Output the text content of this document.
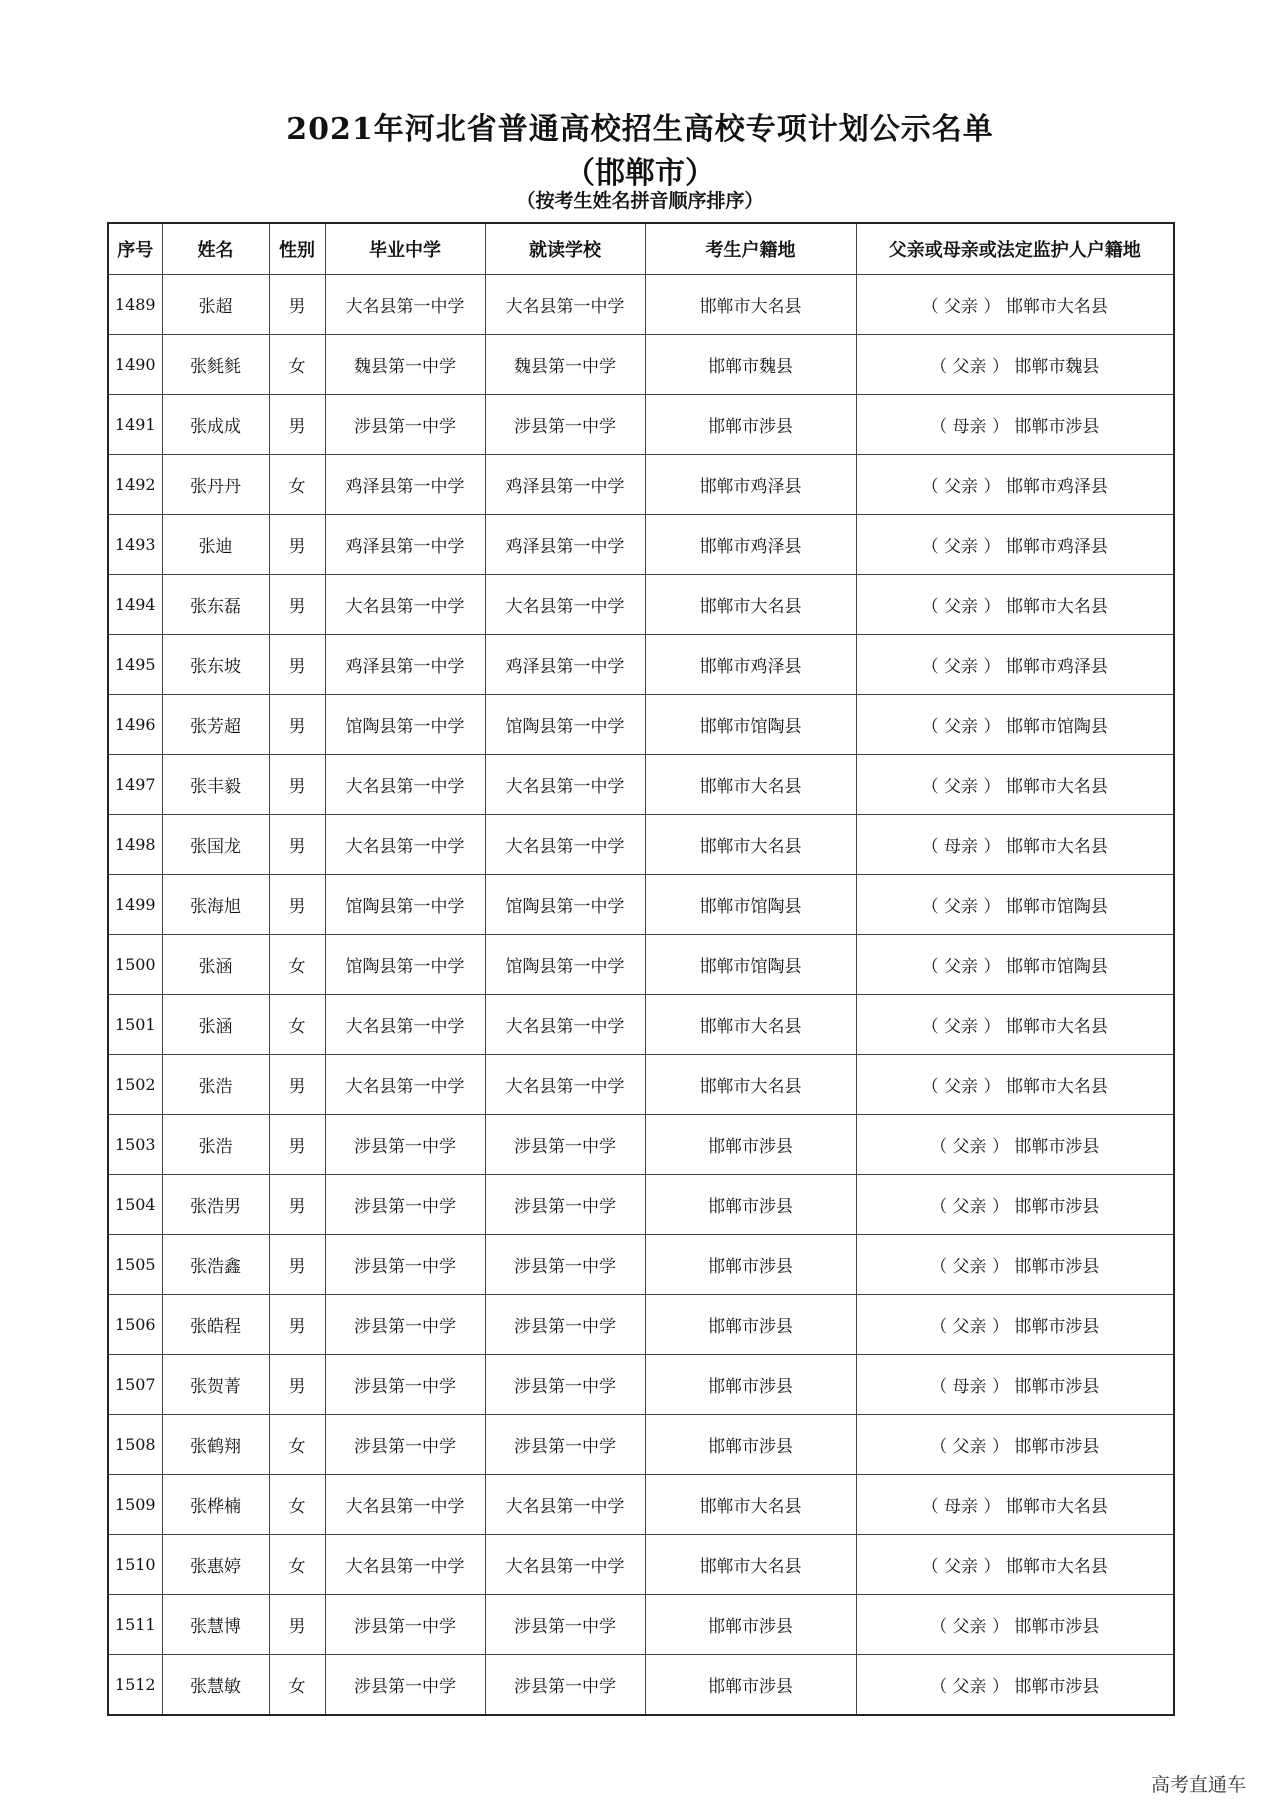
2021年河北省普通高校招生高校专项计划公示名单
（邯郸市）
（按考生姓名拼音顺序排序）
序号	姓名	性别	毕业中学	就读学校	考生户籍地	父亲或母亲或法定监护人户籍地
1489	张超	男	大名县第一中学	大名县第一中学	邯郸市大名县	（ 父亲 ） 邯郸市大名县
1490	张毵毵	女	魏县第一中学	魏县第一中学	邯郸市魏县	（ 父亲 ） 邯郸市魏县
1491	张成成	男	涉县第一中学	涉县第一中学	邯郸市涉县	（ 母亲 ） 邯郸市涉县
1492	张丹丹	女	鸡泽县第一中学	鸡泽县第一中学	邯郸市鸡泽县	（ 父亲 ） 邯郸市鸡泽县
1493	张迪	男	鸡泽县第一中学	鸡泽县第一中学	邯郸市鸡泽县	（ 父亲 ） 邯郸市鸡泽县
1494	张东磊	男	大名县第一中学	大名县第一中学	邯郸市大名县	（ 父亲 ） 邯郸市大名县
1495	张东坡	男	鸡泽县第一中学	鸡泽县第一中学	邯郸市鸡泽县	（ 父亲 ） 邯郸市鸡泽县
1496	张芳超	男	馆陶县第一中学	馆陶县第一中学	邯郸市馆陶县	（ 父亲 ） 邯郸市馆陶县
1497	张丰毅	男	大名县第一中学	大名县第一中学	邯郸市大名县	（ 父亲 ） 邯郸市大名县
1498	张国龙	男	大名县第一中学	大名县第一中学	邯郸市大名县	（ 母亲 ） 邯郸市大名县
1499	张海旭	男	馆陶县第一中学	馆陶县第一中学	邯郸市馆陶县	（ 父亲 ） 邯郸市馆陶县
1500	张涵	女	馆陶县第一中学	馆陶县第一中学	邯郸市馆陶县	（ 父亲 ） 邯郸市馆陶县
1501	张涵	女	大名县第一中学	大名县第一中学	邯郸市大名县	（ 父亲 ） 邯郸市大名县
1502	张浩	男	大名县第一中学	大名县第一中学	邯郸市大名县	（ 父亲 ） 邯郸市大名县
1503	张浩	男	涉县第一中学	涉县第一中学	邯郸市涉县	（ 父亲 ） 邯郸市涉县
1504	张浩男	男	涉县第一中学	涉县第一中学	邯郸市涉县	（ 父亲 ） 邯郸市涉县
1505	张浩鑫	男	涉县第一中学	涉县第一中学	邯郸市涉县	（ 父亲 ） 邯郸市涉县
1506	张皓程	男	涉县第一中学	涉县第一中学	邯郸市涉县	（ 父亲 ） 邯郸市涉县
1507	张贺菁	男	涉县第一中学	涉县第一中学	邯郸市涉县	（ 母亲 ） 邯郸市涉县
1508	张鹤翔	女	涉县第一中学	涉县第一中学	邯郸市涉县	（ 父亲 ） 邯郸市涉县
1509	张桦楠	女	大名县第一中学	大名县第一中学	邯郸市大名县	（ 母亲 ） 邯郸市大名县
1510	张惠婷	女	大名县第一中学	大名县第一中学	邯郸市大名县	（ 父亲 ） 邯郸市大名县
1511	张慧博	男	涉县第一中学	涉县第一中学	邯郸市涉县	（ 父亲 ） 邯郸市涉县
1512	张慧敏	女	涉县第一中学	涉县第一中学	邯郸市涉县	（ 父亲 ） 邯郸市涉县
高考直通车
